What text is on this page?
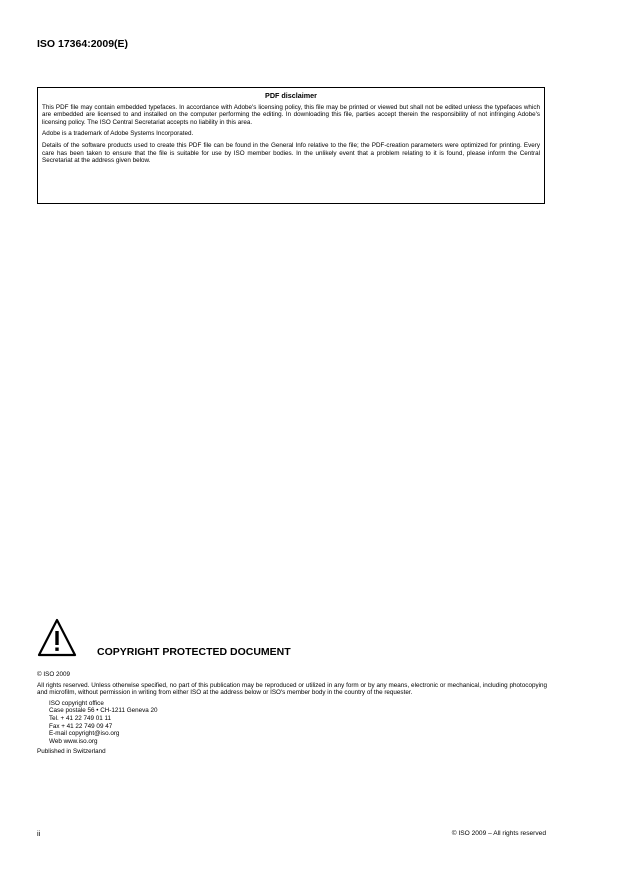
ISO 17364:2009(E)
PDF disclaimer

This PDF file may contain embedded typefaces. In accordance with Adobe's licensing policy, this file may be printed or viewed but shall not be edited unless the typefaces which are embedded are licensed to and installed on the computer performing the editing. In downloading this file, parties accept therein the responsibility of not infringing Adobe's licensing policy. The ISO Central Secretariat accepts no liability in this area.

Adobe is a trademark of Adobe Systems Incorporated.

Details of the software products used to create this PDF file can be found in the General Info relative to the file; the PDF-creation parameters were optimized for printing. Every care has been taken to ensure that the file is suitable for use by ISO member bodies. In the unlikely event that a problem relating to it is found, please inform the Central Secretariat at the address given below.

COPYRIGHT PROTECTED DOCUMENT

© ISO 2009

All rights reserved. Unless otherwise specified, no part of this publication may be reproduced or utilized in any form or by any means, electronic or mechanical, including photocopying and microfilm, without permission in writing from either ISO at the address below or ISO's member body in the country of the requester.

ISO copyright office
Case postale 56 • CH-1211 Geneva 20
Tel. + 41 22 749 01 11
Fax + 41 22 749 09 47
E-mail copyright@iso.org
Web www.iso.org

Published in Switzerland

ii	© ISO 2009 – All rights reserved
